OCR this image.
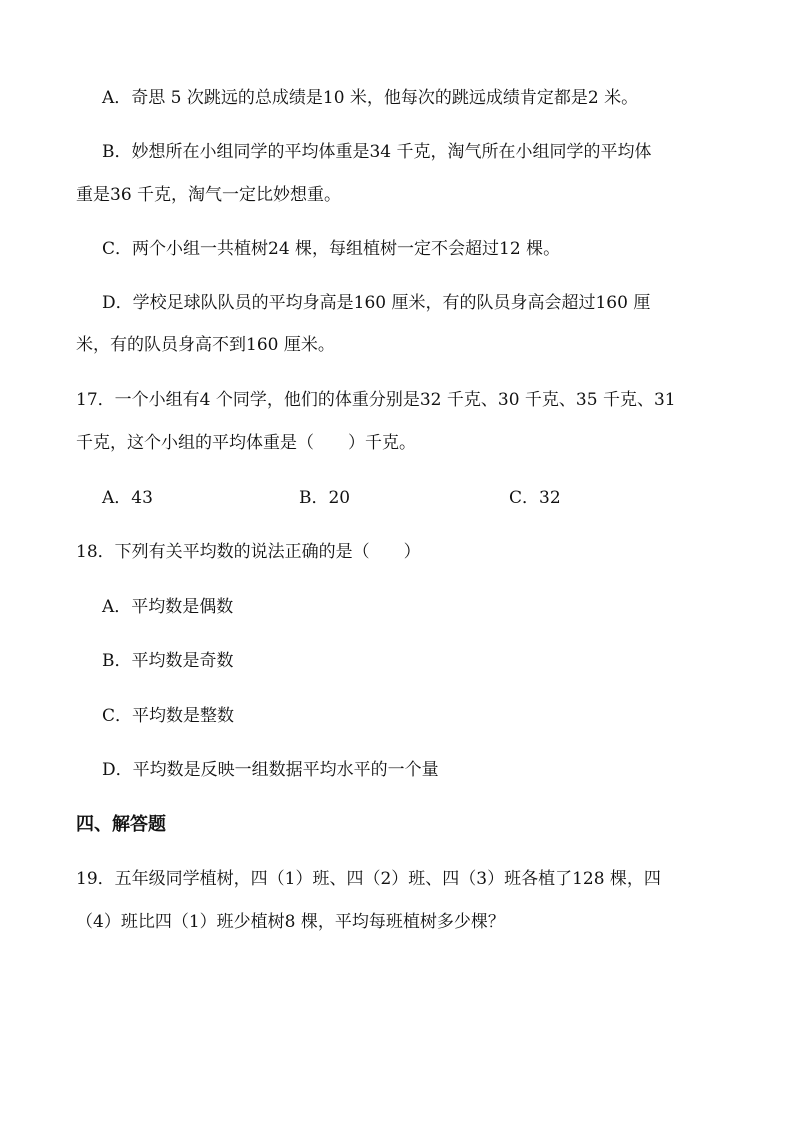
A．奇思 5 次跳远的总成绩是10 米，他每次的跳远成绩肯定都是2 米。
B．妙想所在小组同学的平均体重是34 千克，淘气所在小组同学的平均体
重是36 千克，淘气一定比妙想重。
C．两个小组一共植树24 棵，每组植树一定不会超过12 棵。
D．学校足球队队员的平均身高是160 厘米，有的队员身高会超过160 厘
米，有的队员身高不到160 厘米。
17．一个小组有4 个同学，他们的体重分别是32 千克、30 千克、35 千克、31
千克，这个小组的平均体重是（　　）千克。
A．43	B．20	C．32
18．下列有关平均数的说法正确的是（　　）
A．平均数是偶数
B．平均数是奇数
C．平均数是整数
D．平均数是反映一组数据平均水平的一个量
四、解答题
19．五年级同学植树，四（1）班、四（2）班、四（3）班各植了128 棵，四
（4）班比四（1）班少植树8 棵，平均每班植树多少棵？
